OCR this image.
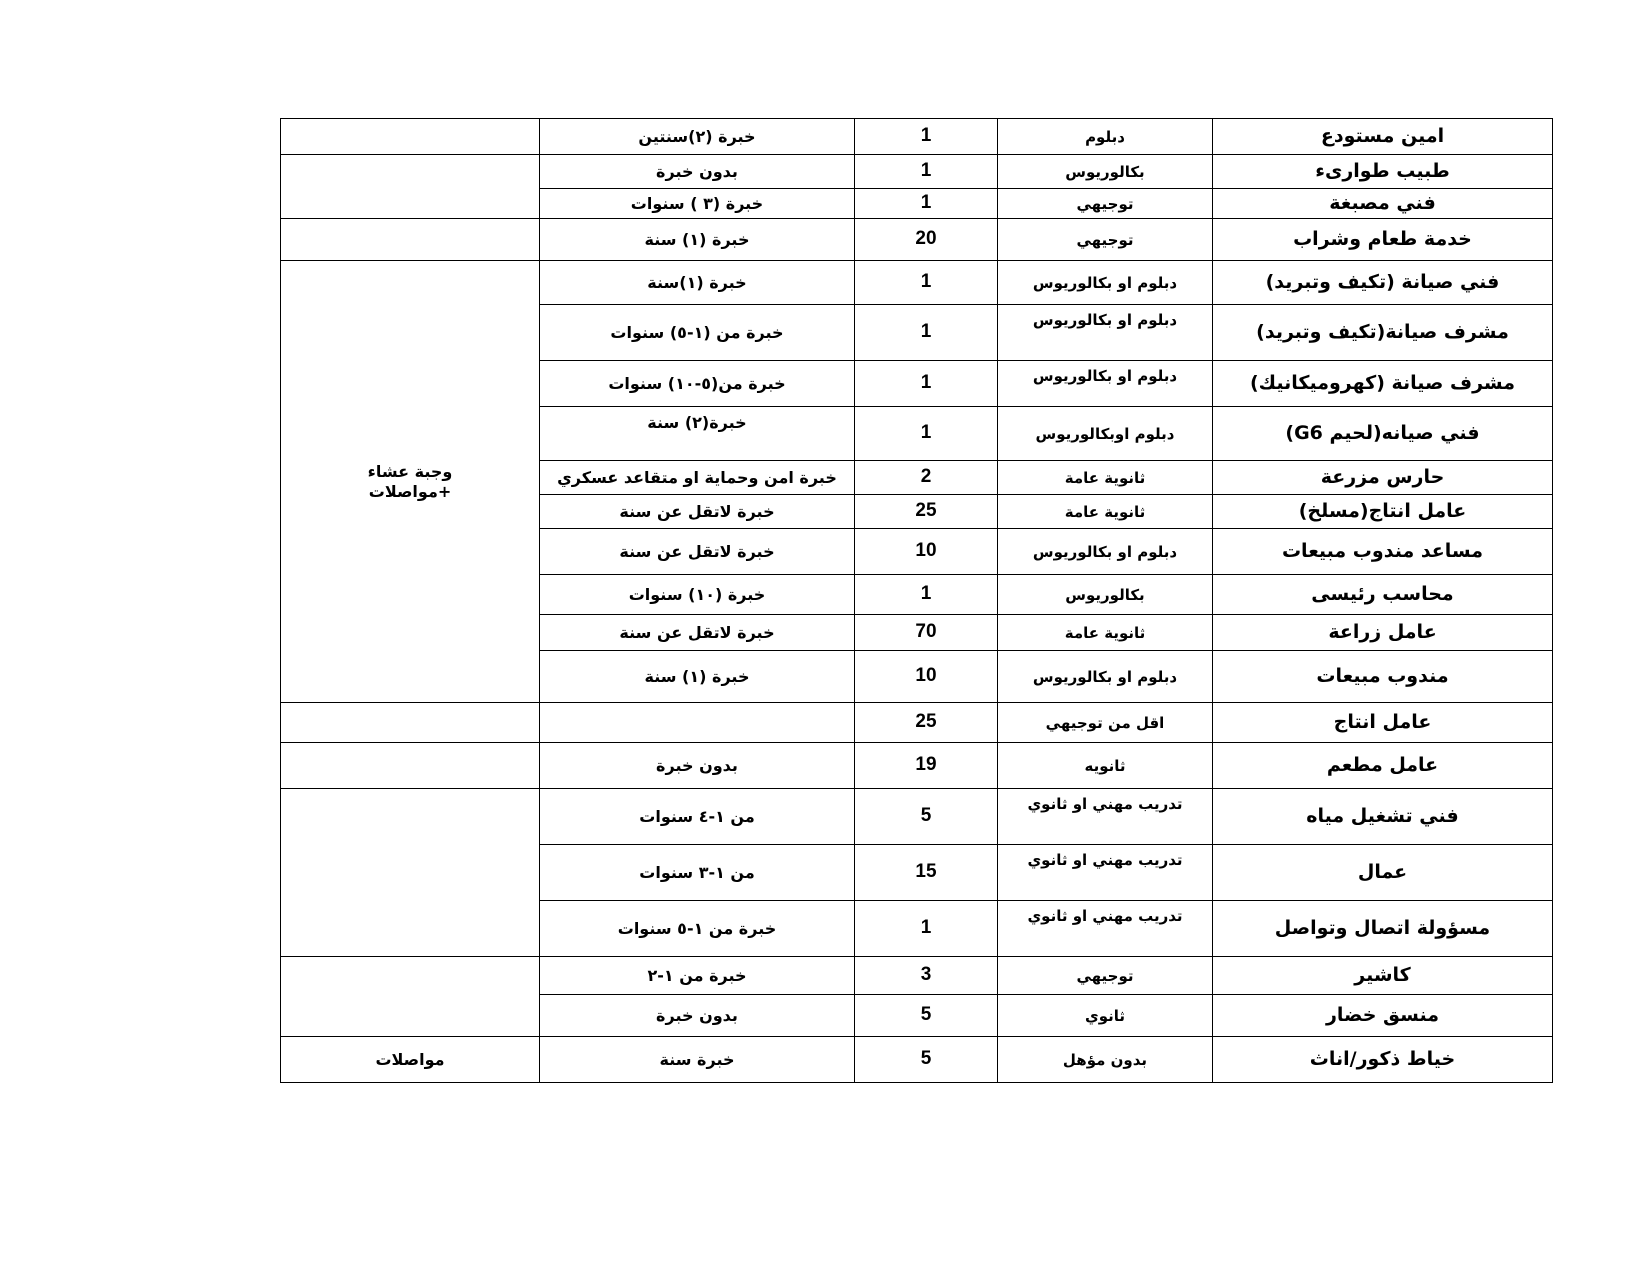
امين مستودع	دبلوم	1	خبرة (٢)سنتين	
طبيب طوارىء	بكالوريوس	1	بدون خبرة	
فني مصبغة	توجيهي	1	خبرة (٣ ) سنوات	
خدمة طعام وشراب	توجيهي	20	خبرة (١) سنة	
فني صيانة (تكيف وتبريد)	دبلوم او بكالوريوس	1	خبرة (١)سنة	وجبة عشاء
+مواصلات

مشرف صيانة(تكيف وتبريد)	دبلوم او بكالوريوس	1	خبرة من (١-٥) سنوات	
مشرف صيانة (كهروميكانيك)	دبلوم او بكالوريوس	1	خبرة من(٥-١٠) سنوات	
فني صيانه(لحيم G6)	دبلوم اوبكالوريوس	1	خبرة(٢) سنة	
حارس مزرعة	ثانوية عامة	2	خبرة امن وحماية او متقاعد عسكري	
عامل انتاج(مسلخ)	ثانوية عامة	25	خبرة لاتقل عن سنة	
مساعد مندوب مبيعات	دبلوم او بكالوريوس	10	خبرة لاتقل عن سنة	
محاسب رئيسى	بكالوريوس	1	خبرة (١٠) سنوات	
عامل زراعة	ثانوية عامة	70	خبرة لاتقل عن سنة	
مندوب مبيعات	دبلوم او بكالوريوس	10	خبرة (١) سنة	
عامل انتاج	اقل من توجيهي	25		
عامل مطعم	ثانويه	19	بدون خبرة	
فني تشغيل مياه	تدريب مهني او ثانوي	5	من ١-٤ سنوات	
عمال	تدريب مهني او ثانوي	15	من ١-٣ سنوات	
مسؤولة اتصال وتواصل	تدريب مهني او ثانوي	1	خبرة من ١-٥ سنوات	
كاشير	توجيهي	3	خبرة من ١-٢	
منسق خضار	ثانوي	5	بدون خبرة	
خياط ذكور/اناث	بدون مؤهل	5	خبرة سنة	مواصلات
